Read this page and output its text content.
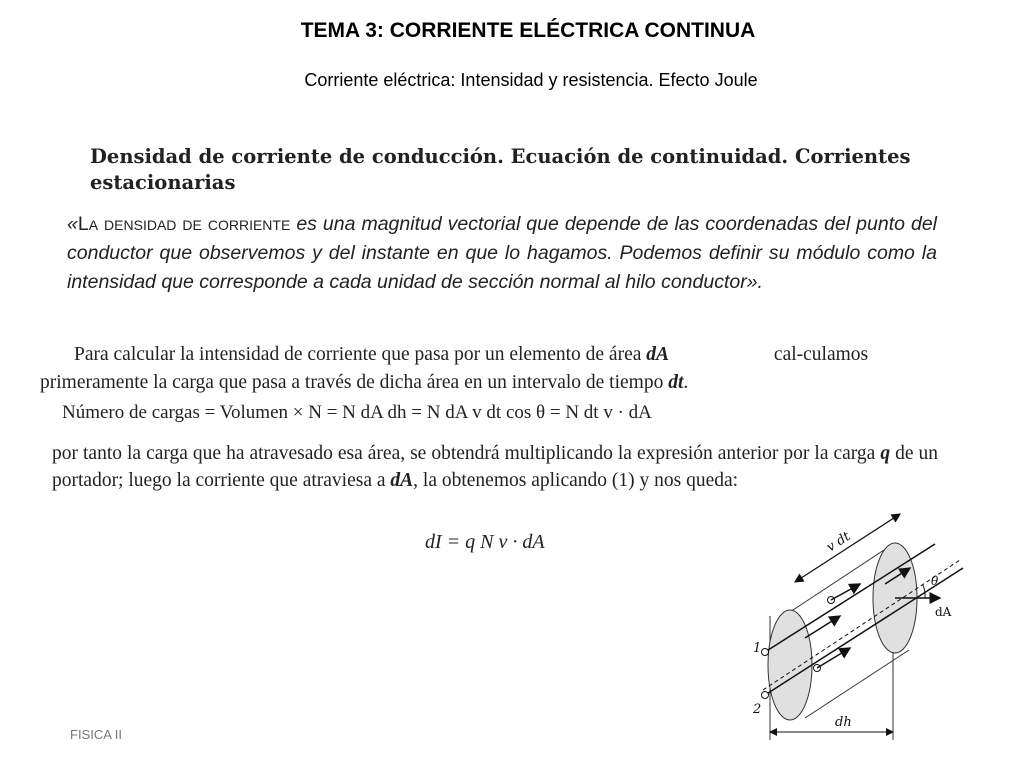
TEMA 3: CORRIENTE ELÉCTRICA CONTINUA
Corriente eléctrica: Intensidad y resistencia. Efecto Joule
Densidad de corriente de conducción. Ecuación de continuidad. Corrientes estacionarias
«La densidad de corriente es una magnitud vectorial que depende de las coordenadas del punto del conductor que observemos y del instante en que lo hagamos. Podemos definir su módulo como la intensidad que corresponde a cada unidad de sección normal al hilo conductor».
Para calcular la intensidad de corriente que pasa por un elemento de área dA	cal-culamos primeramente la carga que pasa a través de dicha área en un intervalo de tiempo dt.
Número de cargas = Volumen × N = N dA dh = N dA v dt cos θ = N dt v · dA
por tanto la carga que ha atravesado esa área, se obtendrá multiplicando la expresión anterior por la carga q de un portador; luego la corriente que atraviesa a dA, la obtenemos aplicando (1) y nos queda:
dI = q N v · dA
FISICA II
v dt
dh
1
2
θ
dA
